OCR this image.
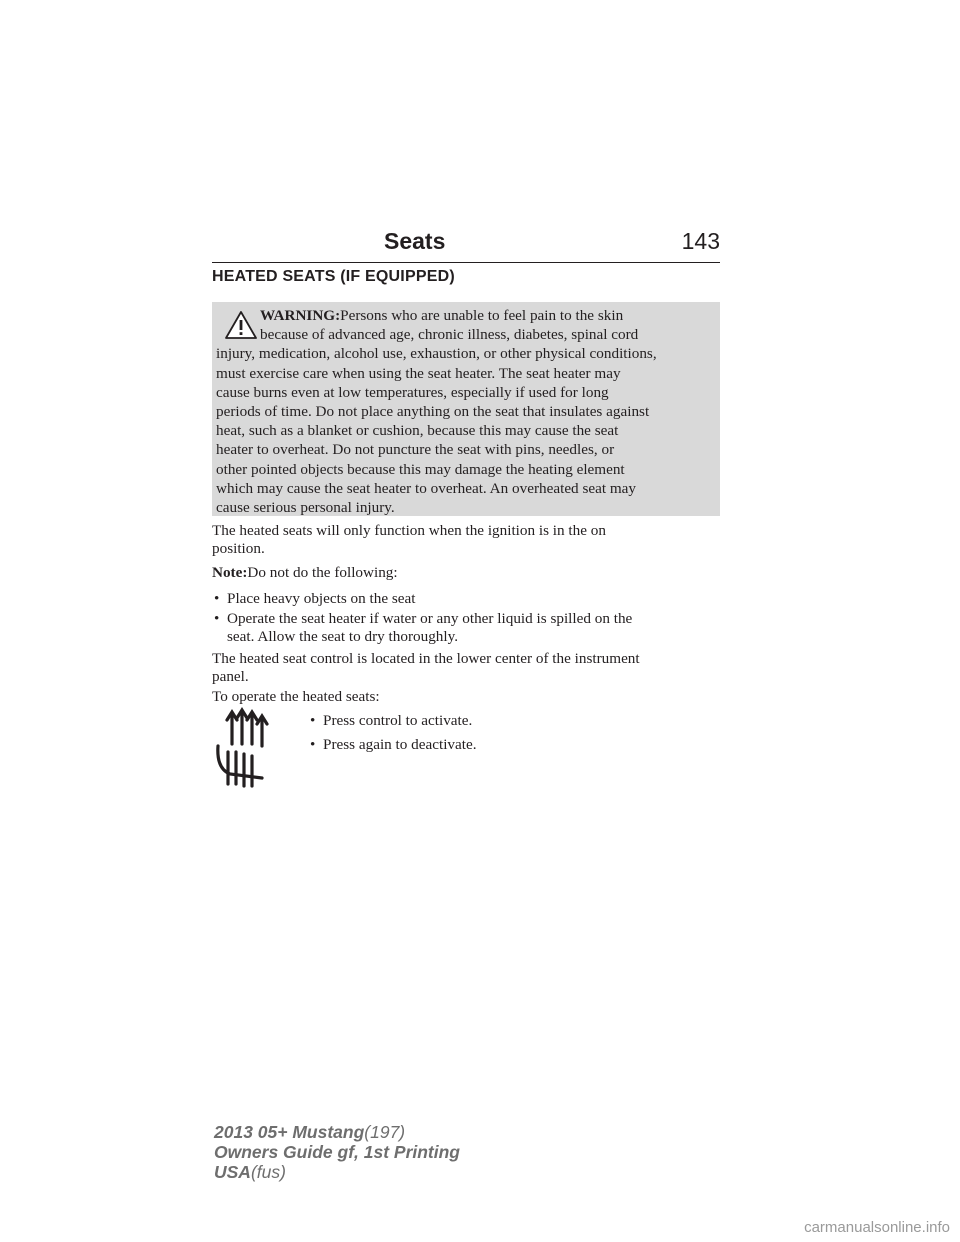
Seats	143
HEATED SEATS (IF EQUIPPED)
WARNING:Persons who are unable to feel pain to the skin
because of advanced age, chronic illness, diabetes, spinal cord
injury, medication, alcohol use, exhaustion, or other physical conditions,
must exercise care when using the seat heater. The seat heater may
cause burns even at low temperatures, especially if used for long
periods of time. Do not place anything on the seat that insulates against
heat, such as a blanket or cushion, because this may cause the seat
heater to overheat. Do not puncture the seat with pins, needles, or
other pointed objects because this may damage the heating element
which may cause the seat heater to overheat. An overheated seat may
cause serious personal injury.
The heated seats will only function when the ignition is in the on
position.
Note:Do not do the following:
• Place heavy objects on the seat
• Operate the seat heater if water or any other liquid is spilled on the
seat. Allow the seat to dry thoroughly.
The heated seat control is located in the lower center of the instrument
panel.
To operate the heated seats:
• Press control to activate.
• Press again to deactivate.
2013 05+ Mustang(197)
Owners Guide gf, 1st Printing
USA(fus)
carmanualsonline.info
